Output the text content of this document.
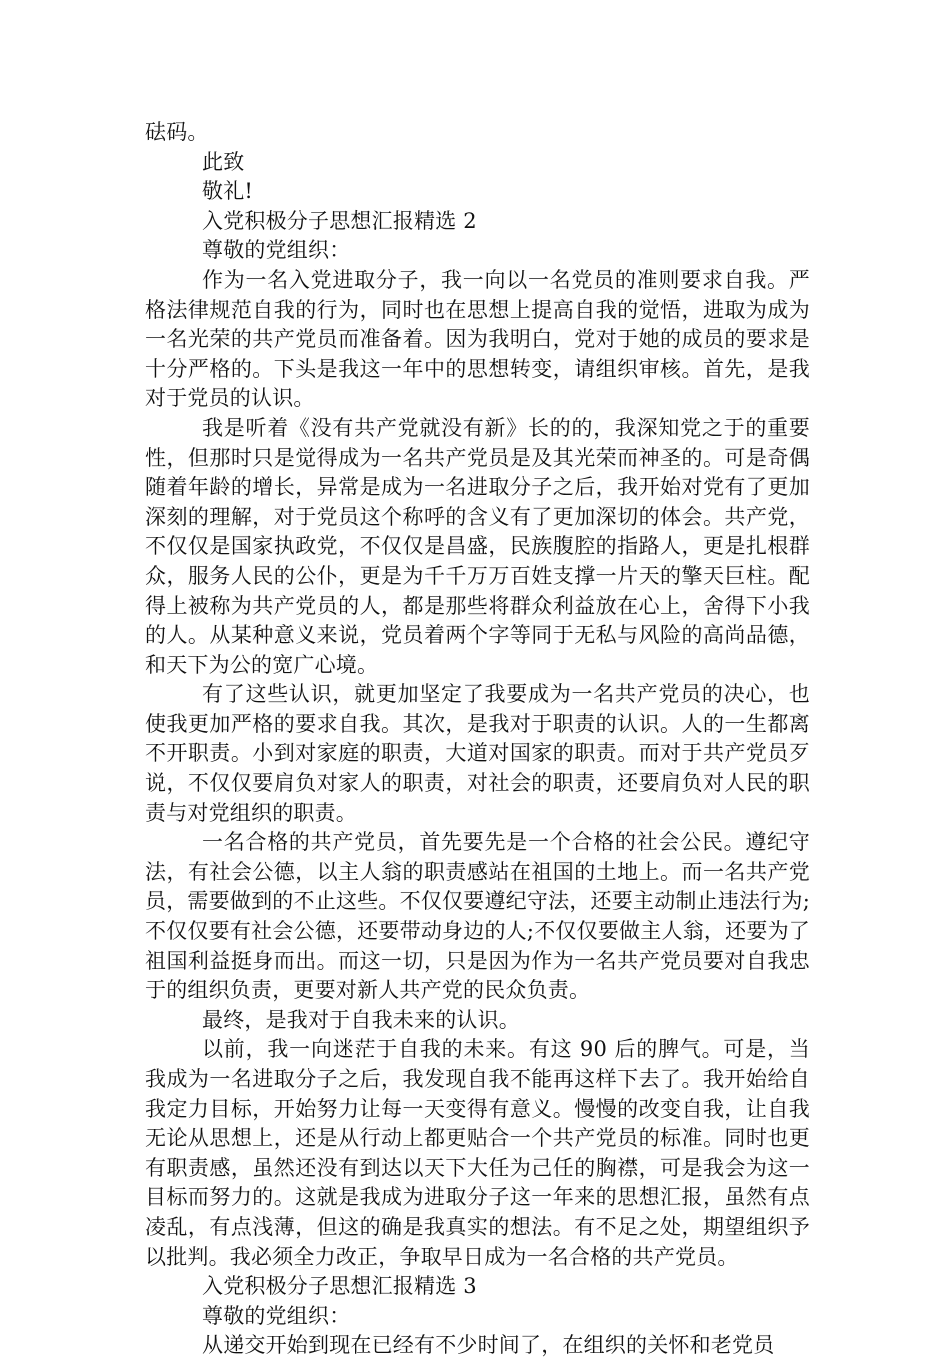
砝码。

此致

敬礼!

入党积极分子思想汇报精选 2

尊敬的党组织：

作为一名入党进取分子，我一向以一名党员的准则要求自我。严格法律规范自我的行为，同时也在思想上提高自我的觉悟，进取为成为一名光荣的共产党员而准备着。因为我明白，党对于她的成员的要求是十分严格的。下头是我这一年中的思想转变，请组织审核。首先，是我对于党员的认识。

我是听着《没有共产党就没有新》长的的，我深知党之于的重要性，但那时只是觉得成为一名共产党员是及其光荣而神圣的。可是奇偶随着年龄的增长，异常是成为一名进取分子之后，我开始对党有了更加深刻的理解，对于党员这个称呼的含义有了更加深切的体会。共产党，不仅仅是国家执政党，不仅仅是昌盛，民族腹腔的指路人，更是扎根群众，服务人民的公仆，更是为千千万万百姓支撑一片天的擎天巨柱。配得上被称为共产党员的人，都是那些将群众利益放在心上，舍得下小我的人。从某种意义来说，党员着两个字等同于无私与风险的高尚品德，和天下为公的宽广心境。

有了这些认识，就更加坚定了我要成为一名共产党员的决心，也使我更加严格的要求自我。其次，是我对于职责的认识。人的一生都离不开职责。小到对家庭的职责，大道对国家的职责。而对于共产党员歹说，不仅仅要肩负对家人的职责，对社会的职责，还要肩负对人民的职责与对党组织的职责。

一名合格的共产党员，首先要先是一个合格的社会公民。遵纪守法，有社会公德，以主人翁的职责感站在祖国的土地上。而一名共产党员，需要做到的不止这些。不仅仅要遵纪守法，还要主动制止违法行为;不仅仅要有社会公德，还要带动身边的人;不仅仅要做主人翁，还要为了祖国利益挺身而出。而这一切，只是因为作为一名共产党员要对自我忠于的组织负责，更要对新人共产党的民众负责。

最终，是我对于自我未来的认识。

以前，我一向迷茫于自我的未来。有这 90 后的脾气。可是，当我成为一名进取分子之后，我发现自我不能再这样下去了。我开始给自我定力目标，开始努力让每一天变得有意义。慢慢的改变自我，让自我无论从思想上，还是从行动上都更贴合一个共产党员的标准。同时也更有职责感，虽然还没有到达以天下大任为己任的胸襟，可是我会为这一目标而努力的。这就是我成为进取分子这一年来的思想汇报，虽然有点凌乱，有点浅薄，但这的确是我真实的想法。有不足之处，期望组织予以批判。我必须全力改正，争取早日成为一名合格的共产党员。

入党积极分子思想汇报精选 3

尊敬的党组织：

从递交开始到现在已经有不少时间了，在组织的关怀和老党员
